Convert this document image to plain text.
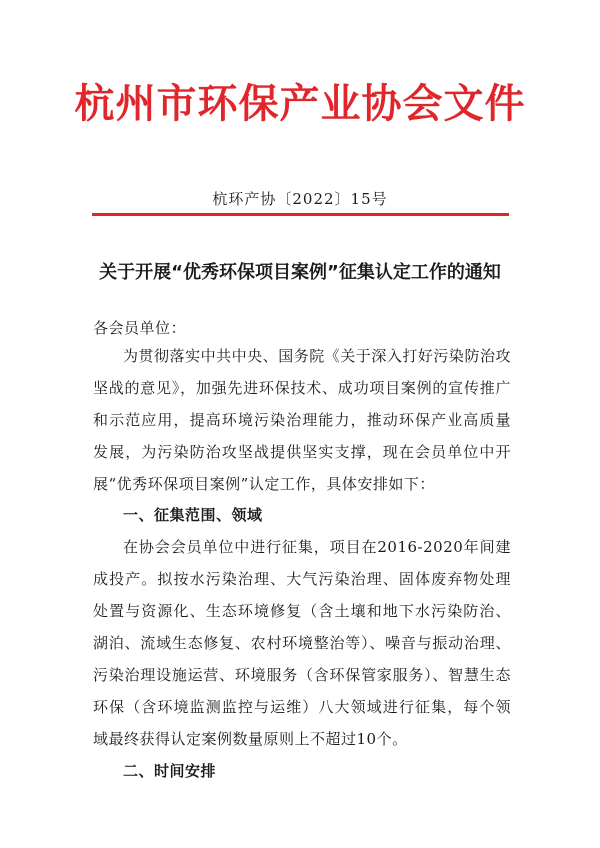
杭州市环保产业协会文件
杭环产协〔2022〕15号
关于开展“优秀环保项目案例”征集认定工作的通知
各会员单位：
为贯彻落实中共中央、国务院《关于深入打好污染防治攻坚战的意见》，加强先进环保技术、成功项目案例的宣传推广和示范应用，提高环境污染治理能力，推动环保产业高质量发展，为污染防治攻坚战提供坚实支撑，现在会员单位中开展“优秀环保项目案例”认定工作，具体安排如下：
一、征集范围、领域
在协会会员单位中进行征集，项目在2016-2020年间建成投产。拟按水污染治理、大气污染治理、固体废弃物处理处置与资源化、生态环境修复（含土壤和地下水污染防治、湖泊、流域生态修复、农村环境整治等）、噪音与振动治理、污染治理设施运营、环境服务（含环保管家服务）、智慧生态环保（含环境监测监控与运维）八大领域进行征集，每个领域最终获得认定案例数量原则上不超过10个。
二、时间安排
